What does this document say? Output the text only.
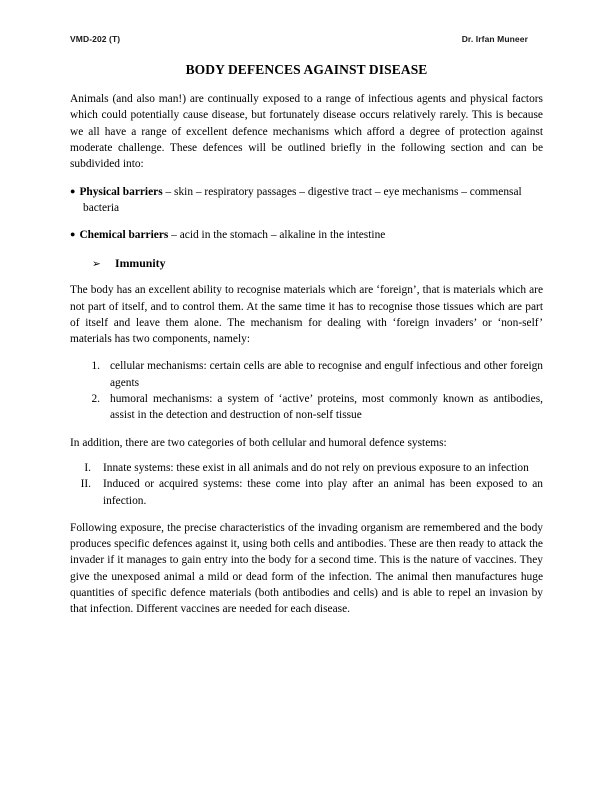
VMD-202 (T)	Dr. Irfan Muneer
BODY DEFENCES AGAINST DISEASE

Animals (and also man!) are continually exposed to a range of infectious agents and physical factors which could potentially cause disease, but fortunately disease occurs relatively rarely. This is because we all have a range of excellent defence mechanisms which afford a degree of protection against moderate challenge. These defences will be outlined briefly in the following section and can be subdivided into:

● Physical barriers – skin – respiratory passages – digestive tract – eye mechanisms – commensal bacteria

● Chemical barriers – acid in the stomach – alkaline in the intestine

➢	Immunity

The body has an excellent ability to recognise materials which are ‘foreign’, that is materials which are not part of itself, and to control them. At the same time it has to recognise those tissues which are part of itself and leave them alone. The mechanism for dealing with ‘foreign invaders’ or ‘non-self’ materials has two components, namely:

1. cellular mechanisms: certain cells are able to recognise and engulf infectious and other foreign agents
2. humoral mechanisms: a system of ‘active’ proteins, most commonly known as antibodies, assist in the detection and destruction of non-self tissue

In addition, there are two categories of both cellular and humoral defence systems:

I. Innate systems: these exist in all animals and do not rely on previous exposure to an infection
II. Induced or acquired systems: these come into play after an animal has been exposed to an infection.

Following exposure, the precise characteristics of the invading organism are remembered and the body produces specific defences against it, using both cells and antibodies. These are then ready to attack the invader if it manages to gain entry into the body for a second time. This is the nature of vaccines. They give the unexposed animal a mild or dead form of the infection. The animal then manufactures huge quantities of specific defence materials (both antibodies and cells) and is able to repel an invasion by that infection. Different vaccines are needed for each disease.
